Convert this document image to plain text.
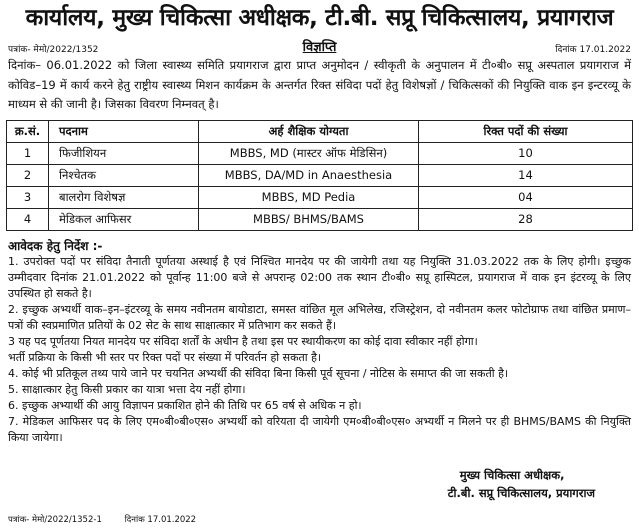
कार्यालय, मुख्य चिकित्सा अधीक्षक, टी.बी. सप्रू चिकित्सालय, प्रयागराज
पत्रांक- मेमो/2022/1352	विज्ञप्ति	दिनांक 17.01.2022

दिनांक– 06.01.2022 को जिला स्वास्थ्य समिति प्रयागराज द्वारा प्राप्त अनुमोदन / स्वीकृती के अनुपालन में टी०बी० सप्रू अस्पताल प्रयागराज में कोविड–19 में कार्य करने हेतु राष्ट्रीय स्वास्थ्य मिशन कार्यक्रम के अन्तर्गत रिक्त संविदा पदों हेतु विशेषज्ञों / चिकित्सकों की नियुक्ति वाक इन इन्टरव्यू के माध्यम से की जानी है। जिसका विवरण निम्नवत् है।

क्र.सं.	पदनाम	अर्ह शैक्षिक योग्यता	रिक्त पदों की संख्या
1	फिजीशियन	MBBS, MD (मास्टर ऑफ मेडिसिन)	10
2	निश्चेतक	MBBS, DA/MD in Anaesthesia	14
3	बालरोग विशेषज्ञ	MBBS, MD Pedia	04
4	मेडिकल आफिसर	MBBS/ BHMS/BAMS	28
आवेदक हेतु निर्देश :-

1. उपरोक्त पदों पर संविदा तैनाती पूर्णतया अस्थाई है एवं निश्चित मानदेय पर की जायेगी तथा यह नियुक्ति 31.03.2022 तक के लिए होगी। इच्छुक उम्मीदवार दिनांक 21.01.2022 को पूर्वान्ह 11:00 बजे से अपरान्ह 02:00 तक स्थान टी०बी० सप्रू हास्पिटल, प्रयागराज में वाक इन इंटरव्यू के लिए उपस्थित हो सकते है।

2. इच्छुक अभ्यर्थी वाक–इन–इंटरव्यू के समय नवीनतम बायोडाटा, समस्त वांछित मूल अभिलेख, रजिस्ट्रेशन, दो नवीनतम कलर फोटोग्राफ तथा वांछित प्रमाण–पत्रों की स्वप्रमाणित प्रतियों के 02 सेट के साथ साक्षात्कार में प्रतिभाग कर सकते हैं।

3 यह पद पूर्णतया नियत मानदेय पर संविदा शर्तों के अधीन है तथा इस पर स्थायीकरण का कोई दावा स्वीकार नहीं होगा।

भर्ती प्रक्रिया के किसी भी स्तर पर रिक्त पदों पर संख्या में परिवर्तन हो सकता है।

4. कोई भी प्रतिकूल तथ्य पाये जाने पर चयनित अभ्यर्थी की संविदा बिना किसी पूर्व सूचना / नोटिस के समाप्त की जा सकती है।

5. साक्षात्कार हेतु किसी प्रकार का यात्रा भत्ता देय नहीं होगा।

6. इच्छुक अभ्यार्थी की आयु विज्ञापन प्रकाशित होने की तिथि पर 65 वर्ष से अधिक न हो।

7. मेडिकल आफिसर पद के लिए एम०बी०बी०एस० अभ्यर्थी को वरियता दी जायेगी एम०बी०बी०एस० अभ्यर्थी न मिलने पर ही BHMS/BAMS की नियुक्ति किया जायेगा।

मुख्य चिकित्सा अधीक्षक,
टी.बी. सप्रू चिकित्सालय, प्रयागराज
पत्रांक- मेमो/2022/1352-1	दिनांक 17.01.2022
